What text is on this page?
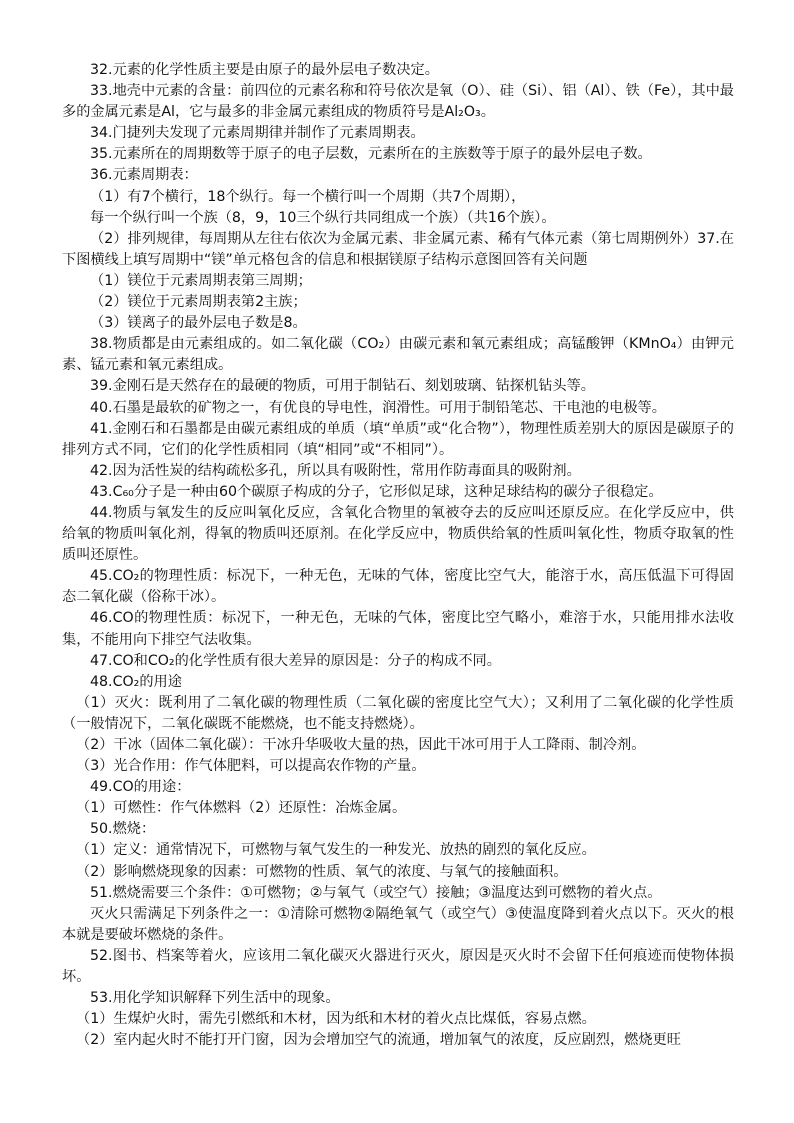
32.元素的化学性质主要是由原子的最外层电子数决定。

33.地壳中元素的含量：前四位的元素名称和符号依次是氧（O）、硅（Si）、铝（Al）、铁（Fe），其中最多的金属元素是Al，它与最多的非金属元素组成的物质符号是Al₂O₃。

34.门捷列夫发现了元素周期律并制作了元素周期表。

35.元素所在的周期数等于原子的电子层数，元素所在的主族数等于原子的最外层电子数。

36.元素周期表：

（1）有7个横行，18个纵行。每一个横行叫一个周期（共7个周期），

每一个纵行叫一个族（8，9，10三个纵行共同组成一个族）（共16个族）。

（2）排列规律，每周期从左往右依次为金属元素、非金属元素、稀有气体元素（第七周期例外）37.在下图横线上填写周期中“镁”单元格包含的信息和根据镁原子结构示意图回答有关问题

（1）镁位于元素周期表第三周期；

（2）镁位于元素周期表第2主族；

（3）镁离子的最外层电子数是8。

38.物质都是由元素组成的。如二氧化碳（CO₂）由碳元素和氧元素组成；高锰酸钾（KMnO₄）由钾元素、锰元素和氧元素组成。

39.金刚石是天然存在的最硬的物质，可用于制钻石、刻划玻璃、钻探机钻头等。

40.石墨是最软的矿物之一，有优良的导电性，润滑性。可用于制铅笔芯、干电池的电极等。

41.金刚石和石墨都是由碳元素组成的单质（填“单质”或“化合物”），物理性质差别大的原因是碳原子的排列方式不同，它们的化学性质相同（填“相同”或“不相同”）。

42.因为活性炭的结构疏松多孔，所以具有吸附性，常用作防毒面具的吸附剂。

43.C₆₀分子是一种由60个碳原子构成的分子，它形似足球，这种足球结构的碳分子很稳定。

44.物质与氧发生的反应叫氧化反应，含氧化合物里的氧被夺去的反应叫还原反应。在化学反应中，供给氧的物质叫氧化剂，得氧的物质叫还原剂。在化学反应中，物质供给氧的性质叫氧化性，物质夺取氧的性质叫还原性。

45.CO₂的物理性质：标况下，一种无色，无味的气体，密度比空气大，能溶于水，高压低温下可得固态二氧化碳（俗称干冰）。

46.CO的物理性质：标况下，一种无色，无味的气体，密度比空气略小，难溶于水，只能用排水法收集，不能用向下排空气法收集。

47.CO和CO₂的化学性质有很大差异的原因是：分子的构成不同。

48.CO₂的用途

（1）灭火：既利用了二氧化碳的物理性质（二氧化碳的密度比空气大）；又利用了二氧化碳的化学性质（一般情况下，二氧化碳既不能燃烧，也不能支持燃烧）。

（2）干冰（固体二氧化碳）：干冰升华吸收大量的热，因此干冰可用于人工降雨、制冷剂。

（3）光合作用：作气体肥料，可以提高农作物的产量。

49.CO的用途：

（1）可燃性：作气体燃料（2）还原性：冶炼金属。

50.燃烧：

（1）定义：通常情况下，可燃物与氧气发生的一种发光、放热的剧烈的氧化反应。

（2）影响燃烧现象的因素：可燃物的性质、氧气的浓度、与氧气的接触面积。

51.燃烧需要三个条件：①可燃物；②与氧气（或空气）接触；③温度达到可燃物的着火点。

灭火只需满足下列条件之一：①清除可燃物②隔绝氧气（或空气）③使温度降到着火点以下。灭火的根本就是要破坏燃烧的条件。

52.图书、档案等着火，应该用二氧化碳灭火器进行灭火，原因是灭火时不会留下任何痕迹而使物体损坏。

53.用化学知识解释下列生活中的现象。

（1）生煤炉火时，需先引燃纸和木材，因为纸和木材的着火点比煤低，容易点燃。

（2）室内起火时不能打开门窗，因为会增加空气的流通，增加氧气的浓度，反应剧烈，燃烧更旺
